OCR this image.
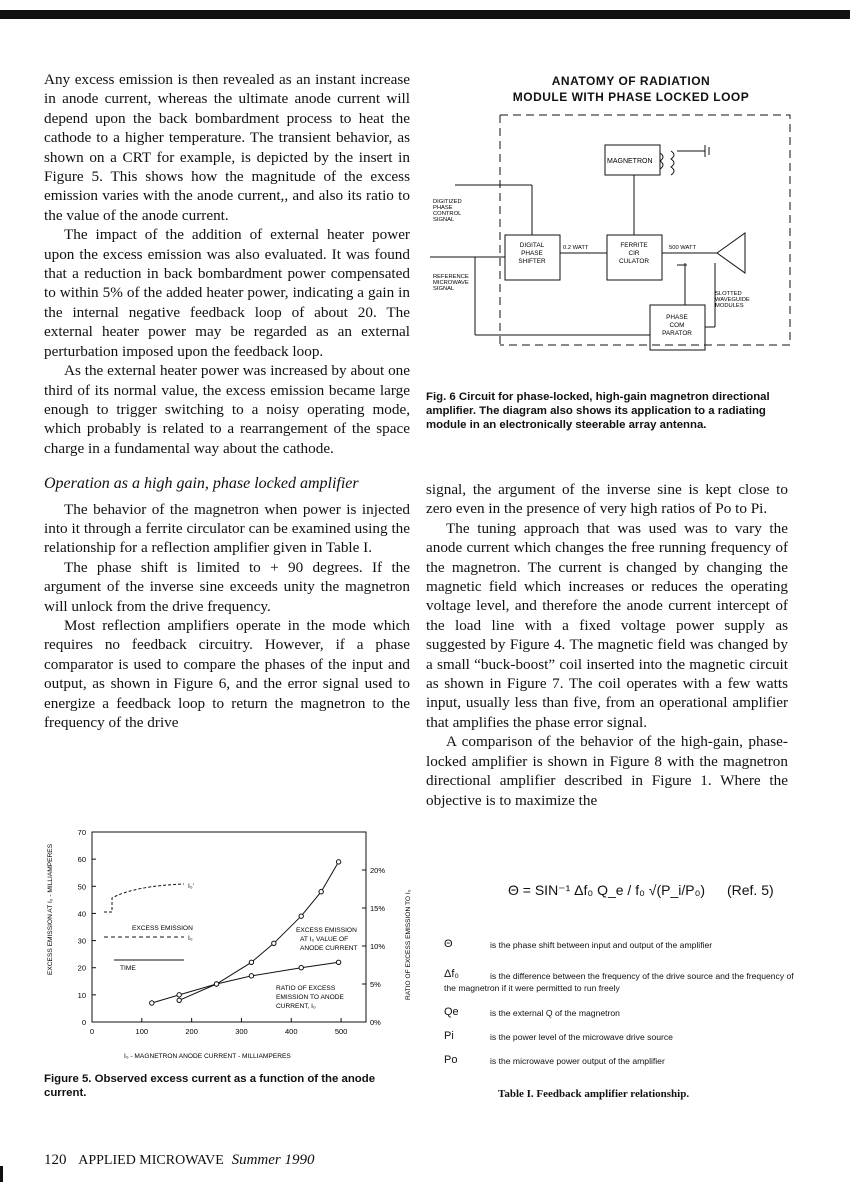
Any excess emission is then revealed as an instant increase in anode current, whereas the ultimate anode current will depend upon the back bombardment process to heat the cathode to a higher temperature. The transient behavior, as shown on a CRT for example, is depicted by the insert in Figure 5. This shows how the magnitude of the excess emission varies with the anode current,, and also its ratio to the value of the anode current.

The impact of the addition of external heater power upon the excess emission was also evaluated. It was found that a reduction in back bombardment power compensated to within 5% of the added heater power, indicating a gain in the internal negative feedback loop of about 20. The external heater power may be regarded as an external perturbation imposed upon the feedback loop.

As the external heater power was increased by about one third of its normal value, the excess emission became large enough to trigger switching to a noisy operating mode, which probably is related to a rearrangement of the space charge in a fundamental way about the cathode.

Operation as a high gain, phase locked amplifier

The behavior of the magnetron when power is injected into it through a ferrite circulator can be examined using the relationship for a reflection amplifier given in Table I.

The phase shift is limited to + 90 degrees. If the argument of the inverse sine exceeds unity the magnetron will unlock from the drive frequency.

Most reflection amplifiers operate in the mode which requires no feedback circuitry. However, if a phase comparator is used to compare the phases of the input and output, as shown in Figure 6, and the error signal used to energize a feedback loop to return the magnetron to the frequency of the drive

ANATOMY OF RADIATION
MODULE WITH PHASE LOCKED LOOP
MAGNETRON
DIGITAL
PHASE
SHIFTER
FERRITE
CIR
CULATOR
PHASE
COM
PARATOR
DIGITIZED
PHASE
CONTROL
SIGNAL
REFERENCE
MICROWAVE
SIGNAL
0.2 WATT	500 WATT
SLOTTED
WAVEGUIDE
MODULES
Fig. 6 Circuit for phase-locked, high-gain magnetron directional amplifier. The diagram also shows its application to a radiating module in an electronically steerable array antenna.

signal, the argument of the inverse sine is kept close to zero even in the presence of very high ratios of Po to Pi.

The tuning approach that was used was to vary the anode current which changes the free running frequency of the magnetron. The current is changed by changing the magnetic field which increases or reduces the operating voltage level, and therefore the anode current intercept of the load line with a fixed voltage power supply as suggested by Figure 4. The magnetic field was changed by a small “buck-boost” coil inserted into the magnetic circuit as shown in Figure 7. The coil operates with a few watts input, usually less than five, from an operational amplifier that amplifies the phase error signal.

A comparison of the behavior of the high-gain, phase-locked amplifier is shown in Figure 8 with the magnetron directional amplifier described in Figure 1. Where the objective is to maximize the

0	100	200	300	400	500
0
10
20
30
40
50
60
70
0%
5%
10%
15%
20%
EXCESS EMISSION
I₀'
I₀
TIME
EXCESS EMISSION
AT I₀ VALUE OF
ANODE CURRENT
RATIO OF EXCESS
EMISSION TO ANODE
CURRENT, I₀
EXCESS EMISSION AT I₀ - MILLIAMPERES	RATIO OF EXCESS EMISSION TO I₀
I₀ - MAGNETRON ANODE CURRENT - MILLIAMPERES
Figure 5. Observed excess current as a function of the anode current.
Θ = SIN⁻¹ Δf₀ Q_e / f₀ √(P_i/P₀) (Ref. 5)
Θ	is the phase shift between input and output of the amplifier
Δf₀	is the difference between the frequency of the drive source and the frequency of the magnetron if it were permitted to run freely
Qe	is the external Q of the magnetron
Pi	is the power level of the microwave drive source
Po	is the microwave power output of the amplifier
Table I. Feedback amplifier relationship.
120 APPLIED MICROWAVE Summer 1990
